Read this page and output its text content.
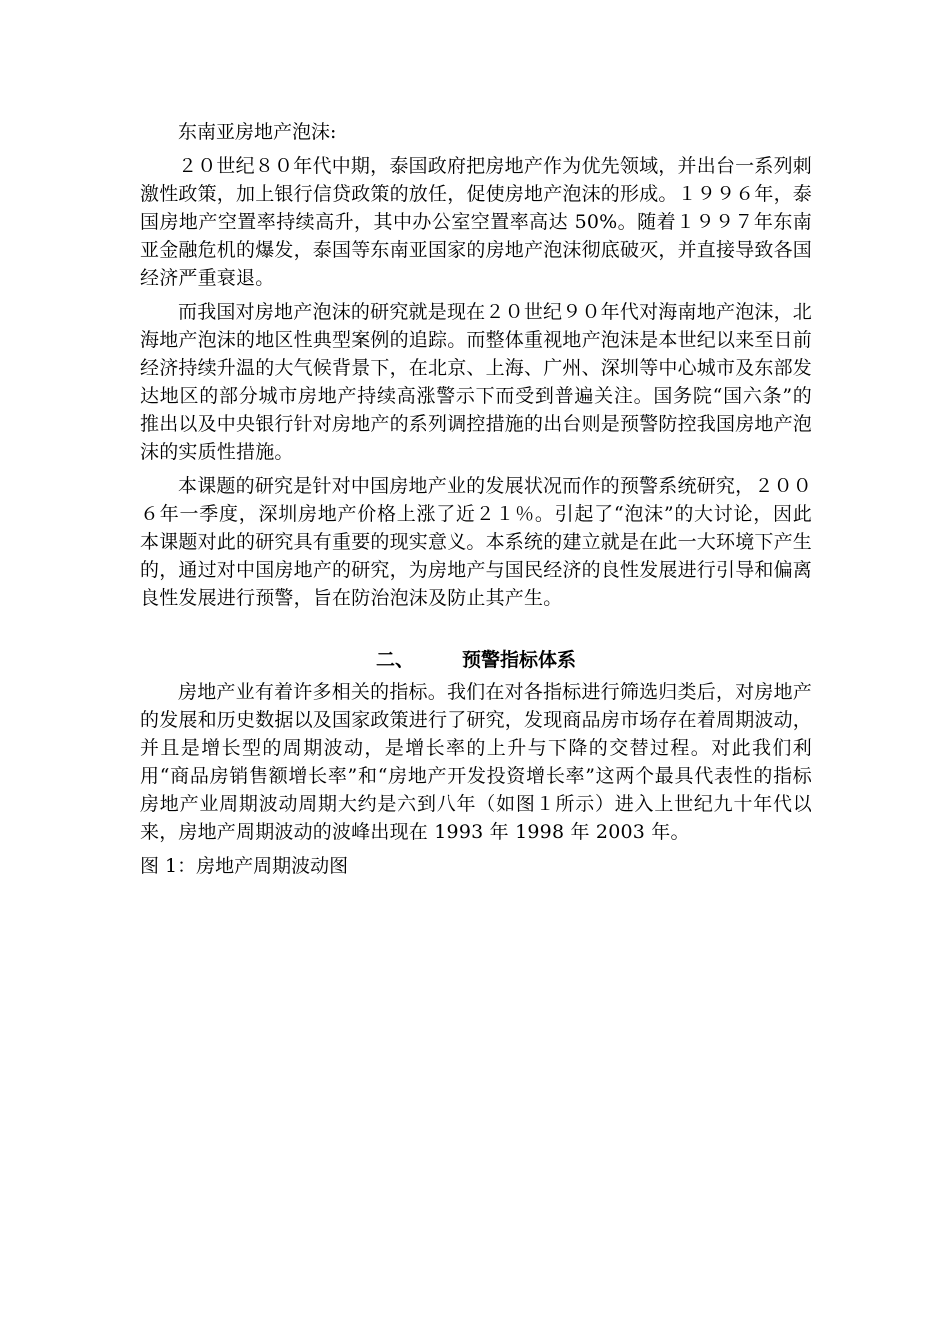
东南亚房地产泡沫:

２０世纪８０年代中期，泰国政府把房地产作为优先领域，并出台一系列刺激性政策，加上银行信贷政策的放任，促使房地产泡沫的形成。１９９６年，泰国房地产空置率持续高升，其中办公室空置率高达 50%。随着１９９７年东南亚金融危机的爆发，泰国等东南亚国家的房地产泡沫彻底破灭，并直接导致各国经济严重衰退。

而我国对房地产泡沫的研究就是现在２０世纪９０年代对海南地产泡沫，北海地产泡沫的地区性典型案例的追踪。而整体重视地产泡沫是本世纪以来至日前经济持续升温的大气候背景下，在北京、上海、广州、深圳等中心城市及东部发达地区的部分城市房地产持续高涨警示下而受到普遍关注。国务院“国六条”的推出以及中央银行针对房地产的系列调控措施的出台则是预警防控我国房地产泡沫的实质性措施。

本课题的研究是针对中国房地产业的发展状况而作的预警系统研究，２００６年一季度，深圳房地产价格上涨了近２１％。引起了“泡沫”的大讨论，因此本课题对此的研究具有重要的现实意义。本系统的建立就是在此一大环境下产生的，通过对中国房地产的研究，为房地产与国民经济的良性发展进行引导和偏离良性发展进行预警，旨在防治泡沫及防止其产生。

二、	预警指标体系

房地产业有着许多相关的指标。我们在对各指标进行筛选归类后，对房地产的发展和历史数据以及国家政策进行了研究，发现商品房市场存在着周期波动，并且是增长型的周期波动，是增长率的上升与下降的交替过程。对此我们利用“商品房销售额增长率”和“房地产开发投资增长率”这两个最具代表性的指标房地产业周期波动周期大约是六到八年（如图１所示）进入上世纪九十年代以来，房地产周期波动的波峰出现在 1993 年 1998 年 2003 年。

图 1：房地产周期波动图
